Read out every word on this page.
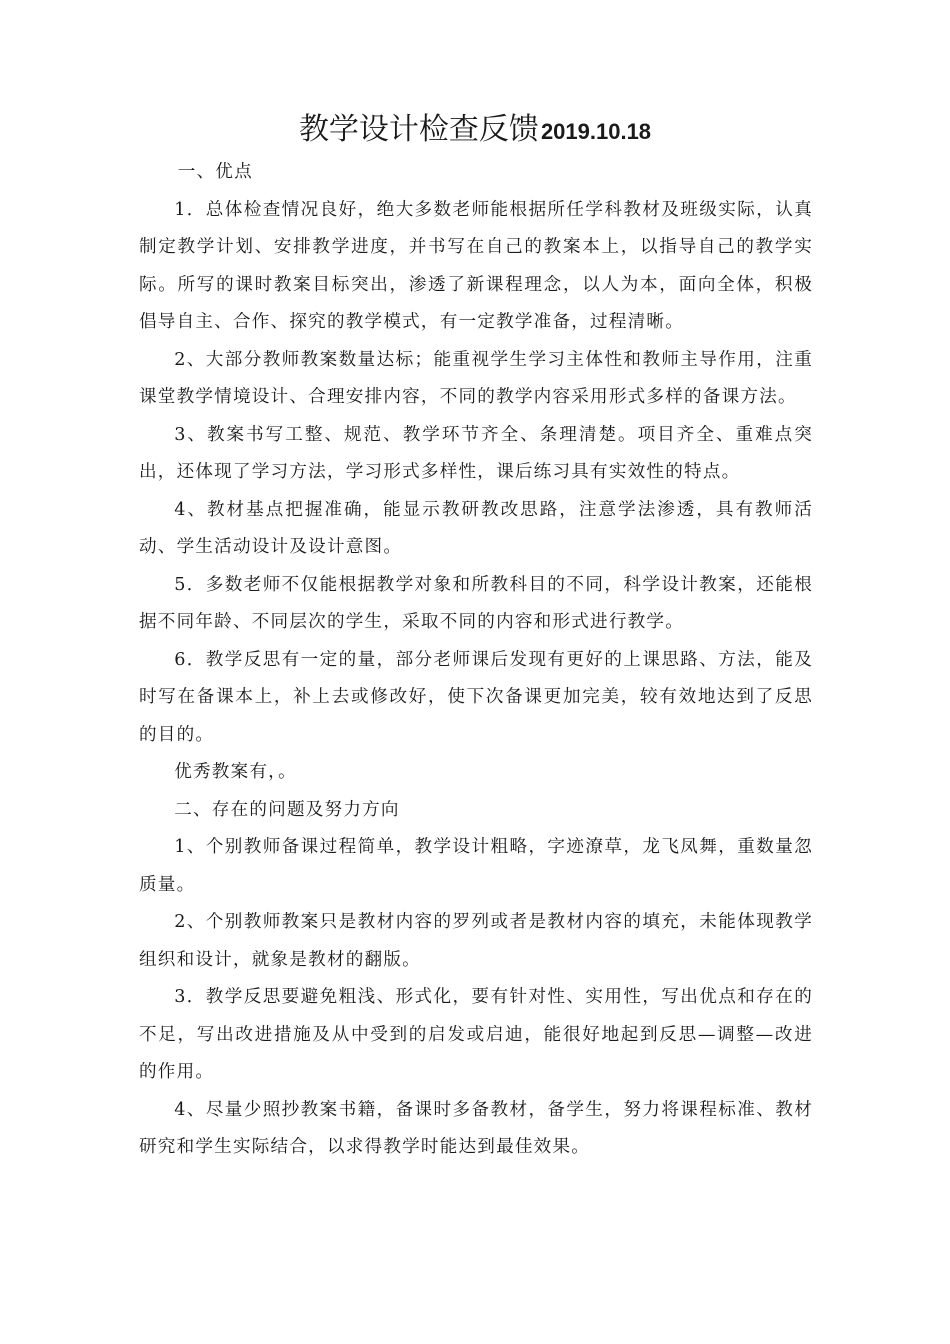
教学设计检查反馈2019.10.18

一、优点

1．总体检查情况良好，绝大多数老师能根据所任学科教材及班级实际，认真制定教学计划、安排教学进度，并书写在自己的教案本上，以指导自己的教学实际。所写的课时教案目标突出，渗透了新课程理念，以人为本，面向全体，积极倡导自主、合作、探究的教学模式，有一定教学准备，过程清晰。

2、大部分教师教案数量达标；能重视学生学习主体性和教师主导作用，注重课堂教学情境设计、合理安排内容，不同的教学内容采用形式多样的备课方法。

3、教案书写工整、规范、教学环节齐全、条理清楚。项目齐全、重难点突出，还体现了学习方法，学习形式多样性，课后练习具有实效性的特点。

4、教材基点把握准确，能显示教研教改思路，注意学法渗透，具有教师活动、学生活动设计及设计意图。

5．多数老师不仅能根据教学对象和所教科目的不同，科学设计教案，还能根据不同年龄、不同层次的学生，采取不同的内容和形式进行教学。

6．教学反思有一定的量，部分老师课后发现有更好的上课思路、方法，能及时写在备课本上，补上去或修改好，使下次备课更加完美，较有效地达到了反思的目的。

优秀教案有，。

二、存在的问题及努力方向

1、个别教师备课过程简单，教学设计粗略，字迹潦草，龙飞凤舞，重数量忽质量。

2、个别教师教案只是教材内容的罗列或者是教材内容的填充，未能体现教学组织和设计，就象是教材的翻版。

3．教学反思要避免粗浅、形式化，要有针对性、实用性，写出优点和存在的不足，写出改进措施及从中受到的启发或启迪，能很好地起到反思—调整—改进的作用。

4、尽量少照抄教案书籍，备课时多备教材，备学生，努力将课程标准、教材研究和学生实际结合，以求得教学时能达到最佳效果。
